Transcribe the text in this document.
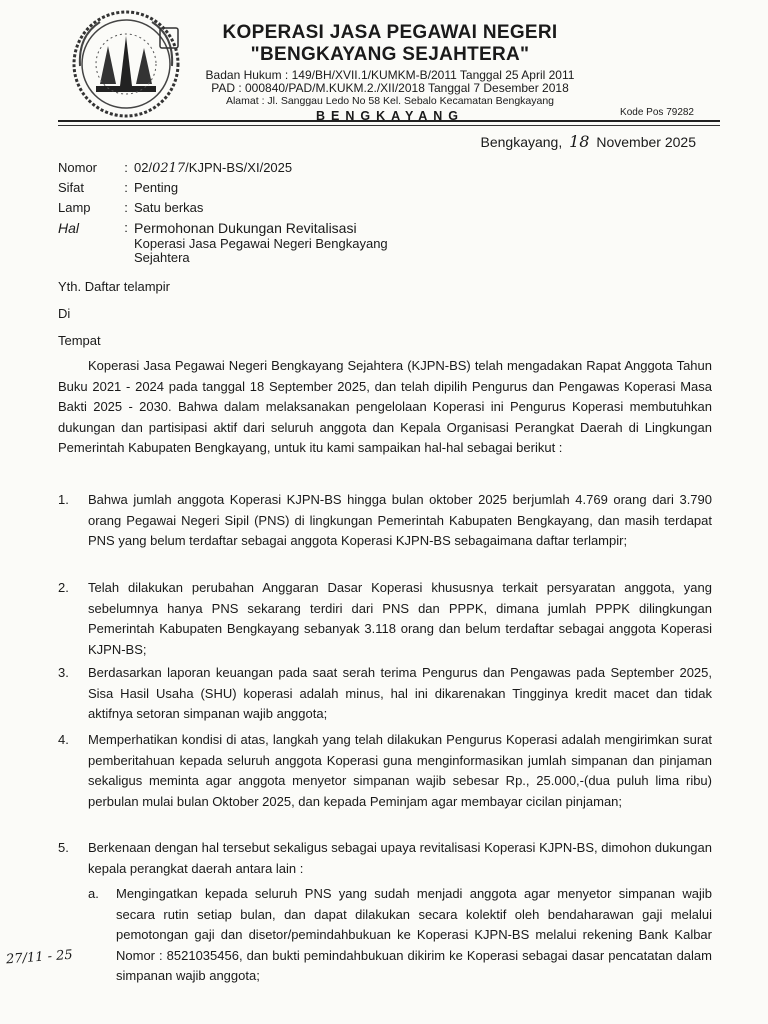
KOPERASI JASA PEGAWAI NEGERI

"BENGKAYANG SEJAHTERA"

Badan Hukum : 149/BH/XVII.1/KUMKM-B/2011 Tanggal 25 April 2011

PAD : 000840/PAD/M.KUKM.2./XII/2018 Tanggal 7 Desember 2018

Alamat : Jl. Sanggau Ledo No 58 Kel. Sebalo Kecamatan Bengkayang

BENGKAYANG	Kode Pos 79282
Bengkayang, 18 November 2025
Nomor	: 02/0217/KJPN-BS/XI/2025
Sifat	: Penting
Lamp	: Satu berkas
Hal	: Permohonan Dukungan Revitalisasi
Koperasi Jasa Pegawai Negeri Bengkayang
Sejahtera
Yth. Daftar telampir
Di
Tempat
Koperasi Jasa Pegawai Negeri Bengkayang Sejahtera (KJPN-BS) telah mengadakan Rapat Anggota Tahun Buku 2021 - 2024 pada tanggal 18 September 2025, dan telah dipilih Pengurus dan Pengawas Koperasi Masa Bakti 2025 - 2030. Bahwa dalam melaksanakan pengelolaan Koperasi ini Pengurus Koperasi membutuhkan dukungan dan partisipasi aktif dari seluruh anggota dan Kepala Organisasi Perangkat Daerah di Lingkungan Pemerintah Kabupaten Bengkayang, untuk itu kami sampaikan hal-hal sebagai berikut :
1.	Bahwa jumlah anggota Koperasi KJPN-BS hingga bulan oktober 2025 berjumlah 4.769 orang dari 3.790 orang Pegawai Negeri Sipil (PNS) di lingkungan Pemerintah Kabupaten Bengkayang, dan masih terdapat PNS yang belum terdaftar sebagai anggota Koperasi KJPN-BS sebagaimana daftar terlampir;
2.	Telah dilakukan perubahan Anggaran Dasar Koperasi khususnya terkait persyaratan anggota, yang sebelumnya hanya PNS sekarang terdiri dari PNS dan PPPK, dimana jumlah PPPK dilingkungan Pemerintah Kabupaten Bengkayang sebanyak 3.118 orang dan belum terdaftar sebagai anggota Koperasi KJPN-BS;
3.	Berdasarkan laporan keuangan pada saat serah terima Pengurus dan Pengawas pada September 2025, Sisa Hasil Usaha (SHU) koperasi adalah minus, hal ini dikarenakan Tingginya kredit macet dan tidak aktifnya setoran simpanan wajib anggota;
4.	Memperhatikan kondisi di atas, langkah yang telah dilakukan Pengurus Koperasi adalah mengirimkan surat pemberitahuan kepada seluruh anggota Koperasi guna menginformasikan jumlah simpanan dan pinjaman sekaligus meminta agar anggota menyetor simpanan wajib sebesar Rp., 25.000,-(dua puluh lima ribu) perbulan mulai bulan Oktober 2025, dan kepada Peminjam agar membayar cicilan pinjaman;
5.	Berkenaan dengan hal tersebut sekaligus sebagai upaya revitalisasi Koperasi KJPN-BS, dimohon dukungan kepala perangkat daerah antara lain :
a. Mengingatkan kepada seluruh PNS yang sudah menjadi anggota agar menyetor simpanan wajib secara rutin setiap bulan, dan dapat dilakukan secara kolektif oleh bendaharawan gaji melalui pemotongan gaji dan disetor/pemindahbukuan ke Koperasi KJPN-BS melalui rekening Bank Kalbar Nomor : 8521035456, dan bukti pemindahbukuan dikirim ke Koperasi sebagai dasar pencatatan dalam simpanan wajib anggota;
27/11 - 25
